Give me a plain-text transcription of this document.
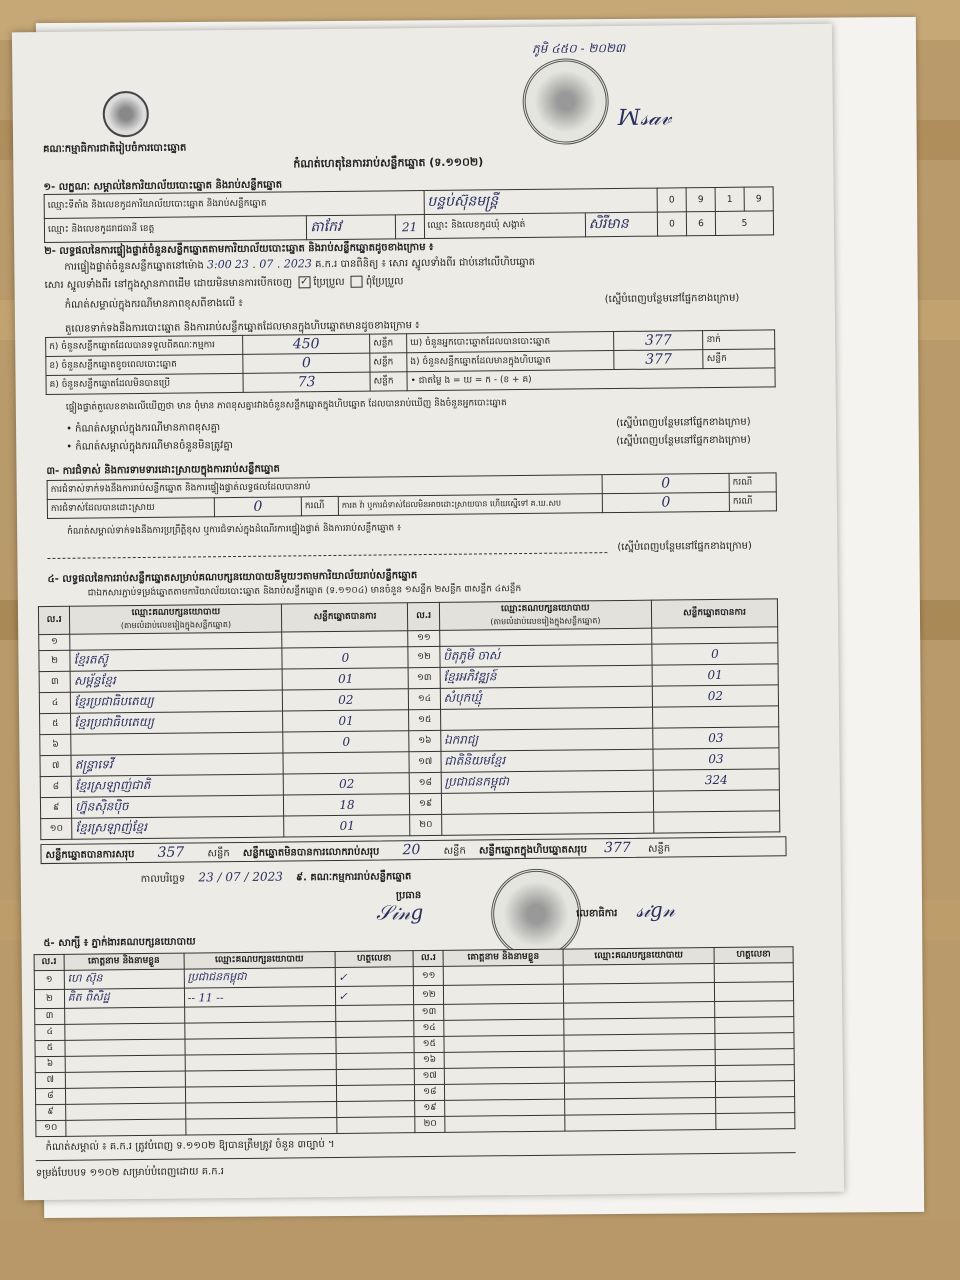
គណៈកម្មាធិការជាតិរៀបចំការបោះឆ្នោត
ភូមិ ៤៥០ - ២០២៣
ꟽ𝓈𝒶𝓋
កំណត់ហេតុនៃការរាប់សន្លឹកឆ្នោត (ទ.១១០២)
១- លក្ខណៈ សម្គាល់នៃការិយាល័យបោះឆ្នោត និងរាប់សន្លឹកឆ្នោត
ឈ្មោះទីតាំង និងលេខកូដការិយាល័យបោះឆ្នោត និងរាប់សន្លឹកឆ្នោត			បន្ទប់ស៊ុនមន្ត្រី		0	9	1	9
ឈ្មោះ និងលេខកូដរាជធានី ខេត្ត	តាកែវ	21	ឈ្មោះ និងលេខកូដឃុំ សង្កាត់	សិរីមាន	0	6	5	
២- លទ្ធផលនៃការផ្ទៀងផ្ទាត់ចំនួនសន្លឹកឆ្នោតតាមការិយាល័យបោះឆ្នោត និងរាប់សន្លឹកឆ្នោតដូចខាងក្រោម ៖
ការផ្ទៀងផ្ទាត់ចំនួនសន្លឹកឆ្នោតនៅម៉ោង 3:00 23 . 07 . 2023 គ.ក.រ បានពិនិត្យ ៖ សោរ ស្នូលទាំងពីរ ជាប់នៅលើហិបឆ្នោត
សោរ ស្នូលទាំងពីរ នៅក្នុងស្ថានភាពដើម ដោយមិនមានការបើកចេញ ✓ ប្រែប្រួល ពុំប្រែប្រួល
កំណត់សម្គាល់ក្នុងករណីមានភាពខុសពីខាងលើ ៖	(ស្នើបំពេញបន្ថែមនៅផ្នែកខាងក្រោម)
តួលេខទាក់ទងនឹងការបោះឆ្នោត និងការរាប់សន្លឹកឆ្នោតដែលមានក្នុងហិបឆ្នោតមានដូចខាងក្រោម ៖
ក) ចំនួនសន្លឹកឆ្នោតដែលបានទទួលពីគណៈកម្មការ	450	សន្លឹក	ឃ) ចំនួនអ្នកបោះឆ្នោតដែលបានបោះឆ្នោត	377	នាក់
ខ) ចំនួនសន្លឹកឆ្នោតខូចពេលបោះឆ្នោត	0	សន្លឹក	ង) ចំនួនសន្លឹកឆ្នោតដែលមានក្នុងហិបឆ្នោត	377	សន្លឹក
គ) ចំនួនសន្លឹកឆ្នោតដែលមិនបានប្រើ	73	សន្លឹក	• ជាតម្លៃ ង = ឃ = ក - (ខ + គ)		
ផ្ទៀងផ្ទាត់តួលេខខាងលើឃើញថា មាន ពុំមាន ភាពខុសគ្នារវាងចំនួនសន្លឹកឆ្នោតក្នុងហិបឆ្នោត ដែលបានរាប់ឃើញ និងចំនួនអ្នកបោះឆ្នោត
• កំណត់សម្គាល់ក្នុងករណីមានភាពខុសគ្នា	(ស្នើបំពេញបន្ថែមនៅផ្នែកខាងក្រោម)
• កំណត់សម្គាល់ក្នុងករណីមានចំនួនមិនត្រូវគ្នា	(ស្នើបំពេញបន្ថែមនៅផ្នែកខាងក្រោម)
៣- ការជំទាស់ និងការទាមទារដោះស្រាយក្នុងការរាប់សន្លឹកឆ្នោត
ការជំទាស់ទាក់ទងនឹងការរាប់សន្លឹកឆ្នោត និងការផ្ទៀងផ្ទាត់លទ្ធផលដែលបានរាប់				0	ករណី
ការជំទាស់ដែលបានដោះស្រាយ	0	ករណី	ការត វ៉ា ឬការជំទាស់ដែលមិនអាចដោះស្រាយបាន ហើយស្នើទៅ គ.ឃ.សប	0	ករណី
កំណត់សម្គាល់ទាក់ទងនឹងការប្រព្រឹត្តិខុស ឬការជំទាស់ក្នុងដំណើរការផ្ទៀងផ្ទាត់ និងការរាប់សន្លឹកឆ្នោត ៖
(ស្នើបំពេញបន្ថែមនៅផ្នែកខាងក្រោម)
៤- លទ្ធផលនៃការរាប់សន្លឹកឆ្នោតសម្រាប់គណបក្សនយោបាយនីមួយៗតាមការិយាល័យរាប់សន្លឹកឆ្នោត
ជាឯកសារភ្ជាប់ទម្រង់ឆ្នោតតាមការិយាល័យបោះឆ្នោត និងរាប់សន្លឹកឆ្នោត (ទ.១១០៤) មានចំនួន ១សន្លឹក ២សន្លឹក ៣សន្លឹក ៤សន្លឹក
ល.រ	ឈ្មោះគណបក្សនយោបាយ
(តាមលំដាប់លេខរៀងក្នុងសន្លឹកឆ្នោត)	សន្លឹកឆ្នោតបានការ	ល.រ	ឈ្មោះគណបក្សនយោបាយ
(តាមលំដាប់លេខរៀងក្នុងសន្លឹកឆ្នោត)	សន្លឹកឆ្នោតបានការ
១			១១		
២	ខ្មែរតស៊ូ	0	១២	បិតុភូមិ ចាស់	0
៣	សម្ព័ន្ធខ្មែរ	01	១៣	ខ្មែរអភិវឌ្ឍន៍	01
៤	ខ្មែរប្រជាធិបតេយ្យ	02	១៤	សំបុកឃ្មុំ	02
៥	ខ្មែរប្រជាធិបតេយ្យ	01	១៥		
៦		0	១៦	ឯករាជ្យ	03
៧	ឥន្ទ្រាទេវី		១៧	ជាតិនិយមខ្មែរ	03
៨	ខ្មែរស្រឡាញ់ជាតិ	02	១៨	ប្រជាជនកម្ពុជា	324
៩	ហ្វ៊ុនស៊ិនប៉ិច	18	១៩		
១០	ខ្មែរស្រឡាញ់ខ្មែរ	01	២០		
សន្លឹកឆ្នោតបានការសរុប 357 សន្លឹក សន្លឹកឆ្នោតមិនបានការលោករាប់សរុប 20 សន្លឹក សន្លឹកឆ្នោតក្នុងហិបឆ្នោតសរុប 377 សន្លឹក
កាលបរិច្ឆេទ 23 / 07 / 2023 ៩. គណៈកម្មការរាប់សន្លឹកឆ្នោត
ប្រធាន
𝒮𝒾𝓃𝑔	លេខាធិការ 𝓈𝒾𝑔𝓃
៥- សាក្សី ៖ ភ្នាក់ងារគណបក្សនយោបាយ
ល.រ	គោត្តនាម និងនាមខ្លួន	ឈ្មោះគណបក្សនយោបាយ	ហត្ថលេខា	ល.រ	គោត្តនាម និងនាមខ្លួន	ឈ្មោះគណបក្សនយោបាយ	ហត្ថលេខា
១	ហេ ស៊ុន	ប្រជាជនកម្ពុជា	✓	១១			
២	គិត ពិសិដ្ឋ	-- 11 --	✓	១២			
៣				១៣			
៤				១៤			
៥				១៥			
៦				១៦			
៧				១៧			
៨				១៨			
៩				១៩			
១០				២០			
កំណត់សម្គាល់ ៖ គ.ក.រ ត្រូវបំពេញ ទ.១១០២ ឱ្យបានត្រឹមត្រូវ ចំនួន ៣ច្បាប់ ។
ទម្រង់បែបបទ ១១០២ សម្រាប់បំពេញដោយ គ.ក.រ
